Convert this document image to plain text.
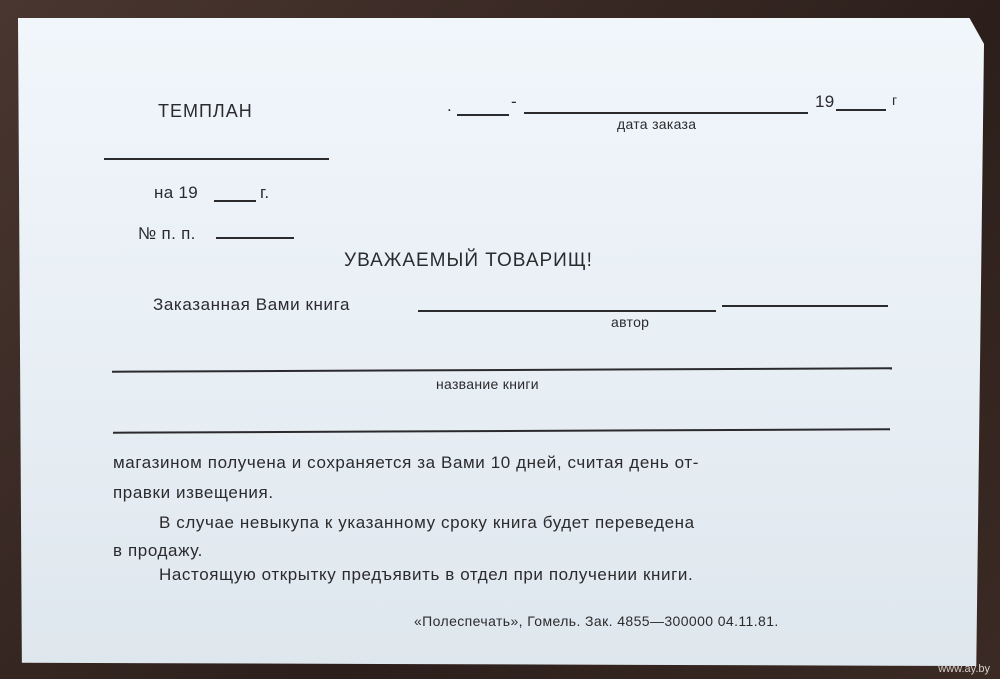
ТЕМПЛАН	.	-	19	г
дата заказа
на 19	г.
№ п. п.
УВАЖАЕМЫЙ ТОВАРИЩ!
Заказанная Вами книга
автор
название книги
магазином получена и сохраняется за Вами 10 дней, считая день от-
правки извещения.
В случае невыкупа к указанному сроку книга будет переведена
в продажу.
Настоящую открытку предъявить в отдел при получении книги.
«Полеспечать», Гомель. Зак. 4855—300000 04.11.81.
www.ay.by
